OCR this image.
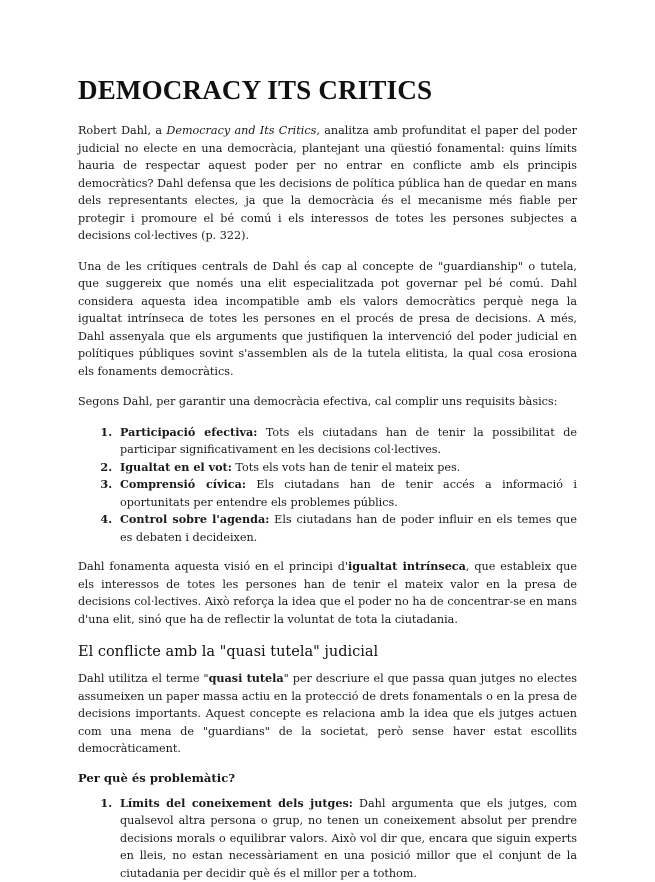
DEMOCRACY ITS CRITICS

Robert Dahl, a Democracy and Its Critics, analitza amb profunditat el paper del poder judicial no electe en una democràcia, plantejant una qüestió fonamental: quins límits hauria de respectar aquest poder per no entrar en conflicte amb els principis democràtics? Dahl defensa que les decisions de política pública han de quedar en mans dels representants electes, ja que la democràcia és el mecanisme més fiable per protegir i promoure el bé comú i els interessos de totes les persones subjectes a decisions col·lectives (p. 322).

Una de les crítiques centrals de Dahl és cap al concepte de "guardianship" o tutela, que suggereix que només una elit especialitzada pot governar pel bé comú. Dahl considera aquesta idea incompatible amb els valors democràtics perquè nega la igualtat intrínseca de totes les persones en el procés de presa de decisions. A més, Dahl assenyala que els arguments que justifiquen la intervenció del poder judicial en polítiques públiques sovint s'assemblen als de la tutela elitista, la qual cosa erosiona els fonaments democràtics.

Segons Dahl, per garantir una democràcia efectiva, cal complir uns requisits bàsics:

1. Participació efectiva: Tots els ciutadans han de tenir la possibilitat de participar significativament en les decisions col·lectives.
2. Igualtat en el vot: Tots els vots han de tenir el mateix pes.
3. Comprensió cívica: Els ciutadans han de tenir accés a informació i oportunitats per entendre els problemes públics.
4. Control sobre l'agenda: Els ciutadans han de poder influir en els temes que es debaten i decideixen.

Dahl fonamenta aquesta visió en el principi d'igualtat intrínseca, que estableix que els interessos de totes les persones han de tenir el mateix valor en la presa de decisions col·lectives. Això reforça la idea que el poder no ha de concentrar-se en mans d'una elit, sinó que ha de reflectir la voluntat de tota la ciutadania.

El conflicte amb la "quasi tutela" judicial

Dahl utilitza el terme "quasi tutela" per descriure el que passa quan jutges no electes assumeixen un paper massa actiu en la protecció de drets fonamentals o en la presa de decisions importants. Aquest concepte es relaciona amb la idea que els jutges actuen com una mena de "guardians" de la societat, però sense haver estat escollits democràticament.

Per què és problemàtic?
1. Límits del coneixement dels jutges: Dahl argumenta que els jutges, com qualsevol altra persona o grup, no tenen un coneixement absolut per prendre decisions morals o equilibrar valors. Això vol dir que, encara que siguin experts en lleis, no estan necessàriament en una posició millor que el conjunt de la ciutadania per decidir què és el millor per a tothom.
